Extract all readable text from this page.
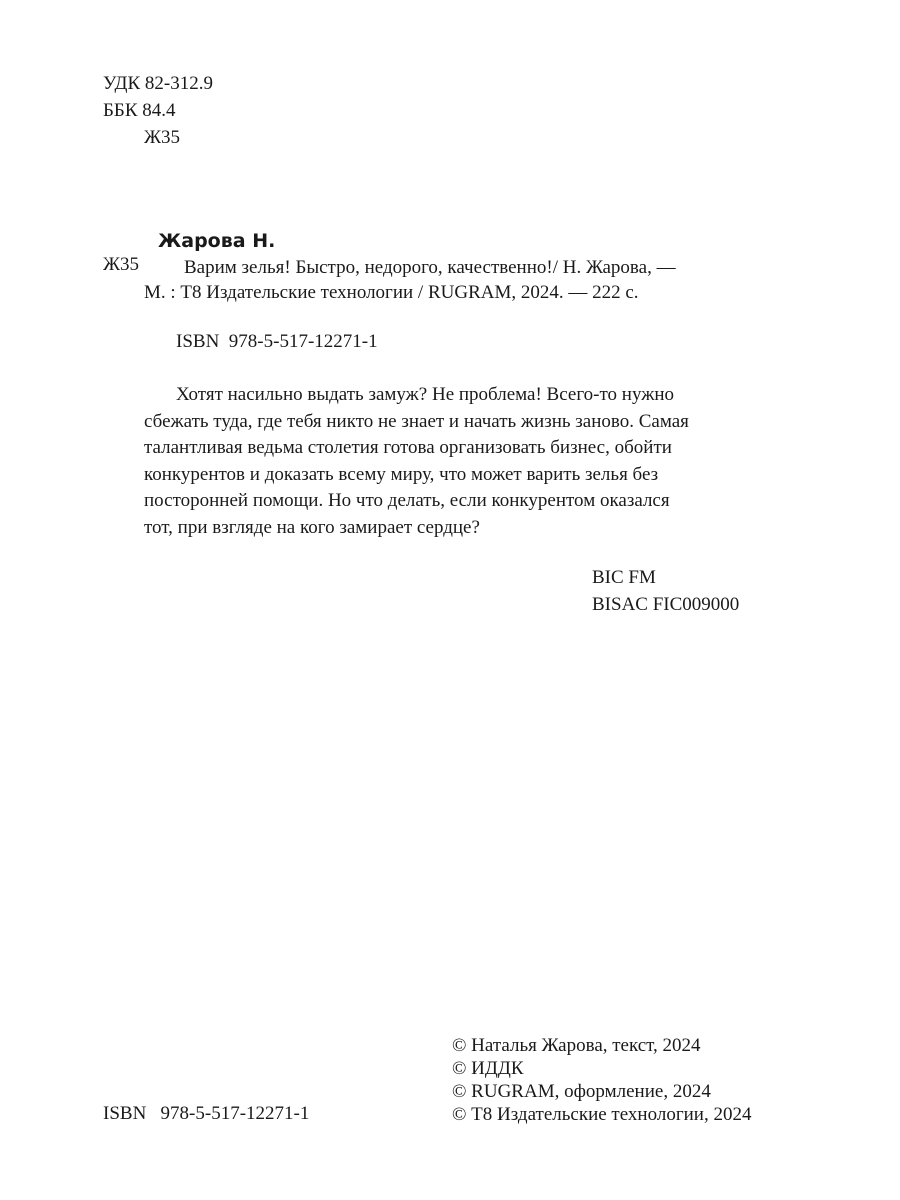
УДК 82-312.9
ББК 84.4
Ж35
Жарова Н.
Ж35 Варим зелья! Быстро, недорого, качественно!/ Н. Жарова, —
М. : Т8 Издательские технологии / RUGRAM, 2024. — 222 с.
ISBN  978-5-517-12271-1
Хотят насильно выдать замуж? Не проблема! Всего-то нужно
сбежать туда, где тебя никто не знает и начать жизнь заново. Самая
талантливая ведьма столетия готова организовать бизнес, обойти
конкурентов и доказать всему миру, что может варить зелья без
посторонней помощи. Но что делать, если конкурентом оказался
тот, при взгляде на кого замирает сердце?
BIC FM
BISAC FIC009000
ISBN   978-5-517-12271-1
© Наталья Жарова, текст, 2024
© ИДДК
© RUGRAM, оформление, 2024
© Т8 Издательские технологии, 2024
